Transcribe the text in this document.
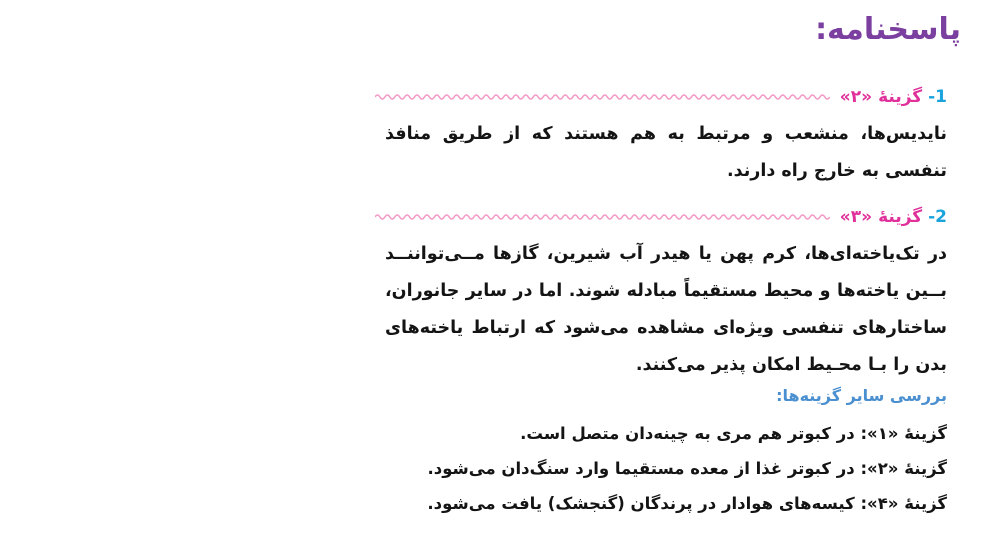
پاسخنامه:
1- گزینۀ «۲»

نایدیس‌ها، منشعب و مرتبط به هم هستند که از طریق منافذ تنفسی به خارج راه دارند.

2- گزینۀ «۳»

در تک‌یاخته‌ای‌ها، کرم پهن یا هیدر آب شیرین، گازها مــی‌تواننــد بــین یاخته‌ها و محیط مستقیماً مبادله شوند. اما در سایر جانوران، ساختارهای تنفسی ویژه‌ای مشاهده می‌شود که ارتباط یاخته‌های بدن را بـا محـیط امکان پذیر می‌کنند.

بررسی سایر گزینه‌ها:

گزینۀ «۱»: در کبوتر هم مری به چینه‌دان متصل است.

گزینۀ «۲»: در کبوتر غذا از معده مستقیما وارد سنگ‌دان می‌شود.

گزینۀ «۴»: کیسه‌های هوادار در پرندگان (گنجشک) یافت می‌شود.
